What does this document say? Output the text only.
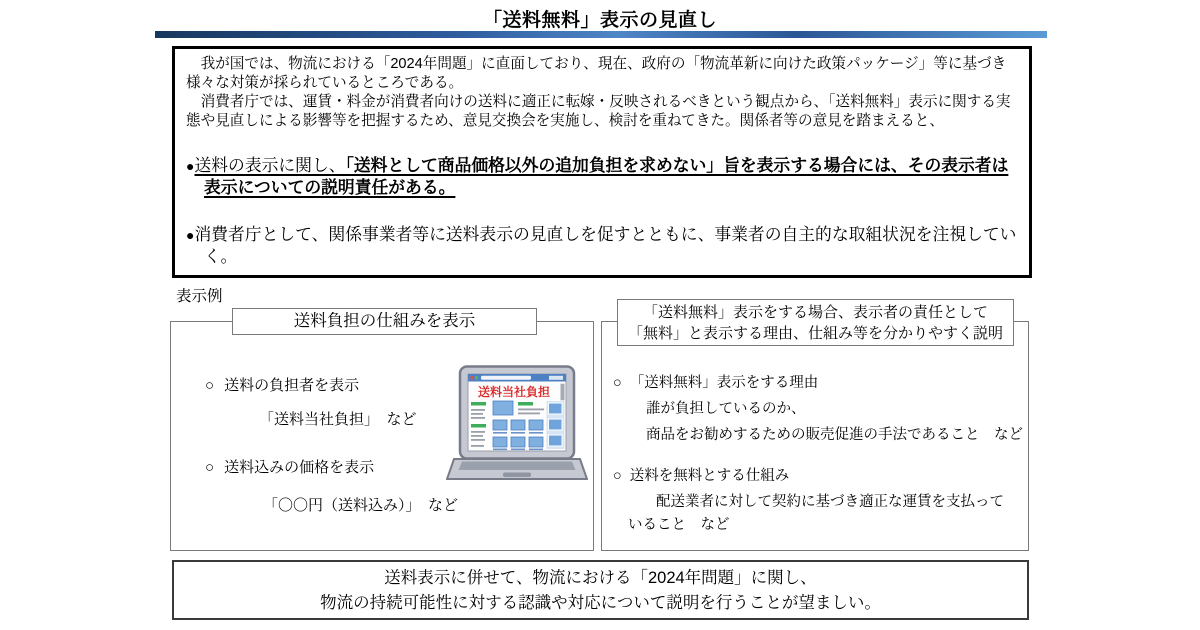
「送料無料」表示の見直し

　我が国では、物流における「2024年問題」に直面しており、現在、政府の「物流革新に向けた政策パッケージ」等に基づき様々な対策が採られているところである。

　消費者庁では、運賃・料金が消費者向けの送料に適正に転嫁・反映されるべきという観点から、「送料無料」表示に関する実態や見直しによる影響等を把握するため、意見交換会を実施し、検討を重ねてきた。関係者等の意見を踏まえると、

●送料の表示に関し、「送料として商品価格以外の追加負担を求めない」旨を表示する場合には、その表示者は表示についての説明責任がある。
●消費者庁として、関係事業者等に送料表示の見直しを促すとともに、事業者の自主的な取組状況を注視していく。
表示例
送料負担の仕組みを表示
○ 送料の負担者を表示
「送料当社負担」　など
○ 送料込みの価格を表示
「〇〇円（送料込み）」　など
送料当社負担
「送料無料」表示をする場合、表示者の責任として
「無料」と表示する理由、仕組み等を分かりやすく説明
○ 「送料無料」表示をする理由
誰が負担しているのか、
商品をお勧めするための販売促進の手法であること　など
○ 送料を無料とする仕組み
配送業者に対して契約に基づき適正な運賃を支払って
いること　など
送料表示に併せて、物流における「2024年問題」に関し、
物流の持続可能性に対する認識や対応について説明を行うことが望ましい。
